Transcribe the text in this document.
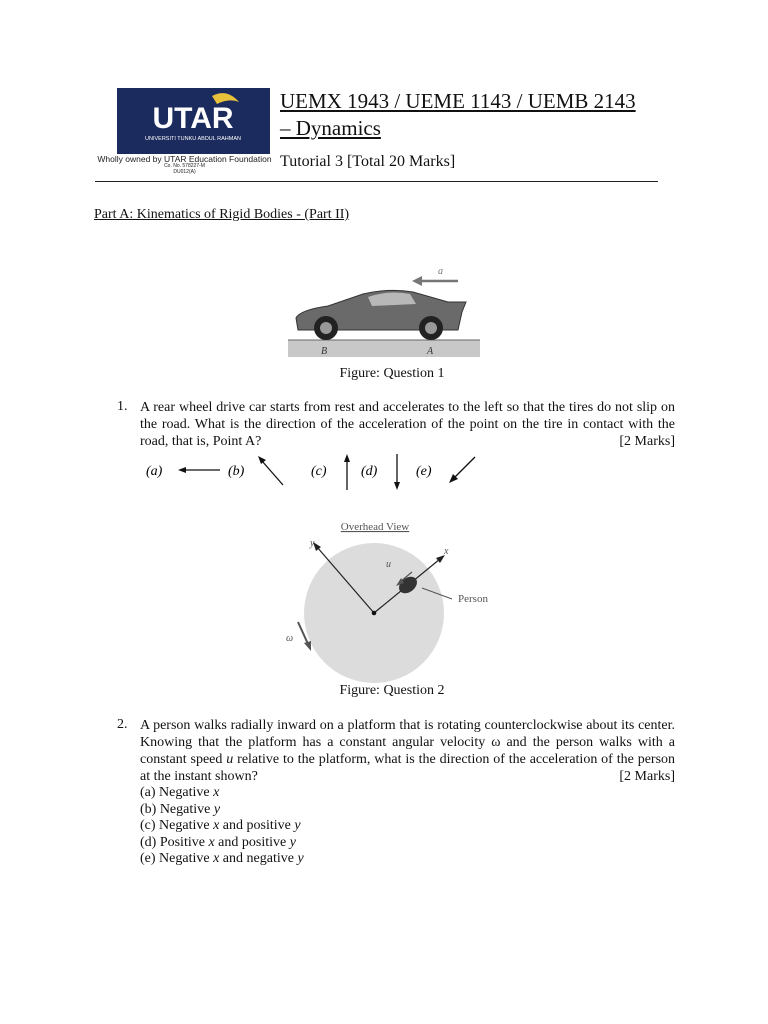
UTAR
UNIVERSITI TUNKU ABDUL RAHMAN
Wholly owned by UTAR Education Foundation
Co. No. 578227-M
DU012(A)
UEMX 1943 / UEME 1143 / UEMB 2143
– Dynamics
Tutorial 3 [Total 20 Marks]
Part A: Kinematics of Rigid Bodies - (Part II)
a
B	A
Figure: Question 1
1. A rear wheel drive car starts from rest and accelerates to the left so that the tires do not slip on the road. What is the direction of the acceleration of the point on the tire in contact with the road, that is, Point A?	[2 Marks]
(a)	(b)	(c) (d)	(e)
Overhead View
y
x
u
Person
ω
Figure: Question 2
2. A person walks radially inward on a platform that is rotating counterclockwise about its center. Knowing that the platform has a constant angular velocity ω and the person walks with a constant speed u relative to the platform, what is the direction of the acceleration of the person at the instant shown?	[2 Marks]
(a) Negative x
(b) Negative y
(c) Negative x and positive y
(d) Positive x and positive y
(e) Negative x and negative y
